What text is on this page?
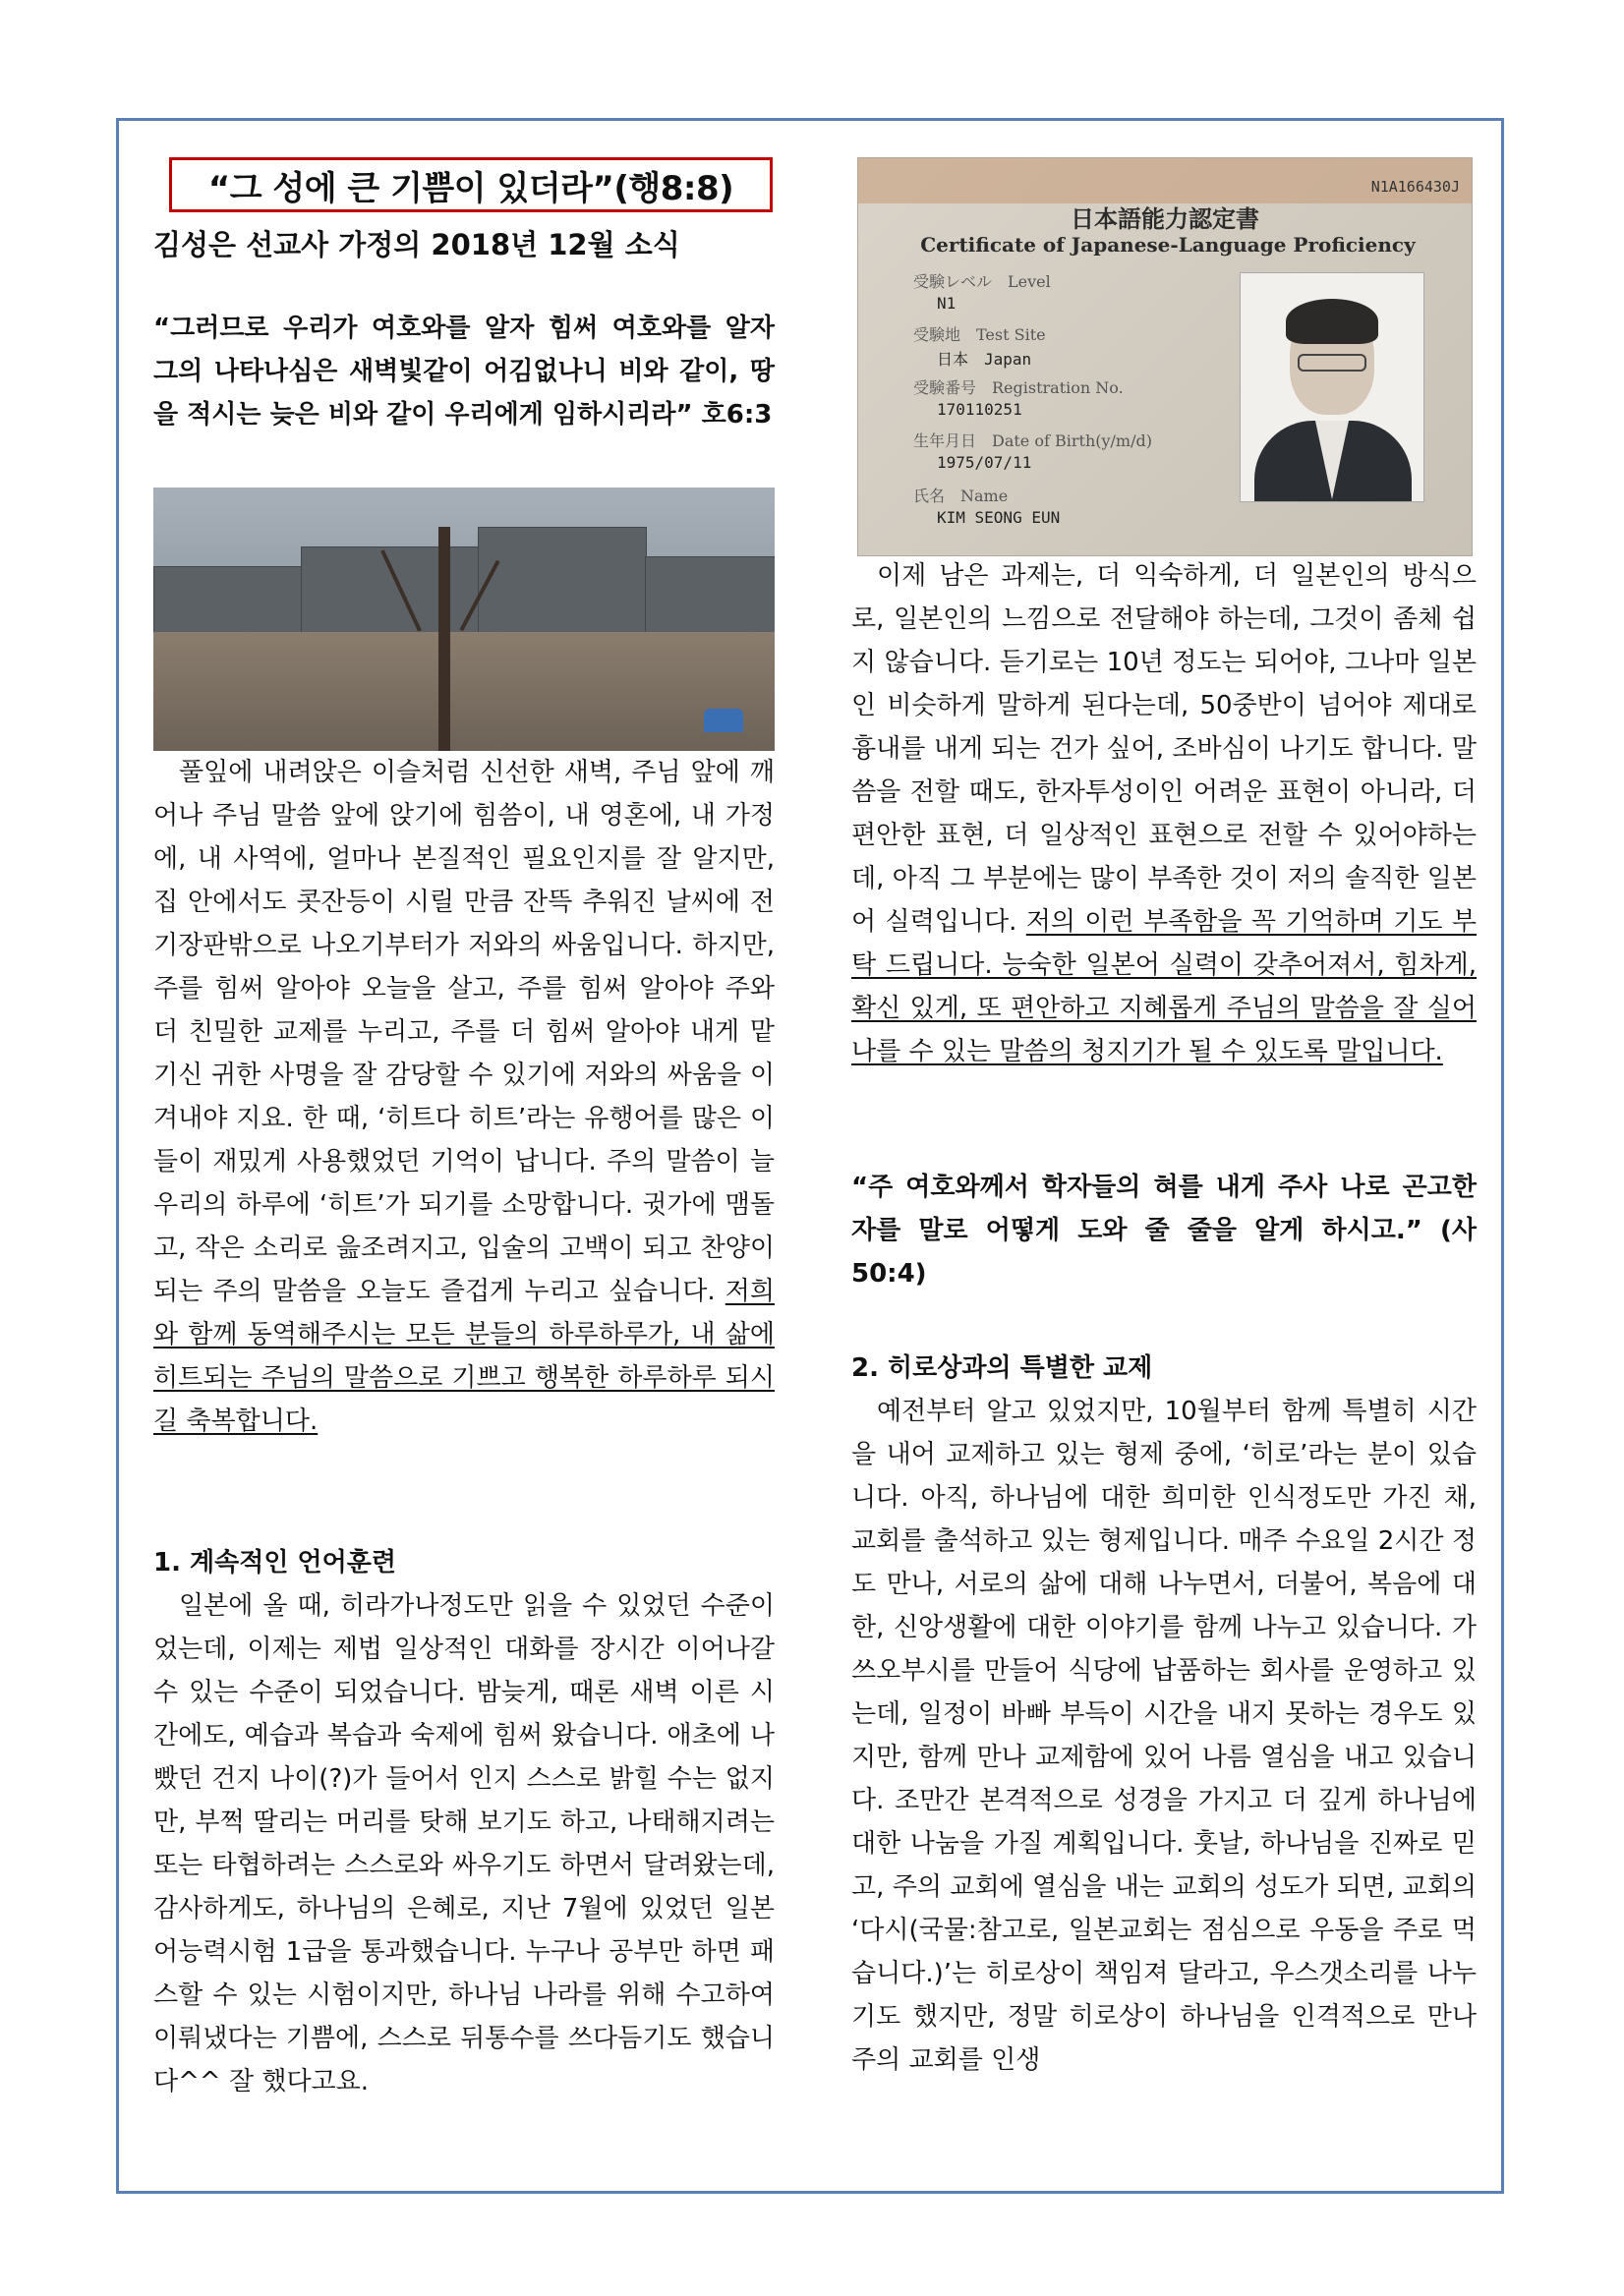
“그 성에 큰 기쁨이 있더라”(행8:8)
김성은 선교사 가정의 2018년 12월 소식

“그러므로 우리가 여호와를 알자 힘써 여호와를 알자 그의 나타나심은 새벽빛같이 어김없나니 비와 같이, 땅을 적시는 늦은 비와 같이 우리에게 임하시리라” 호6:3

풀잎에 내려앉은 이슬처럼 신선한 새벽, 주님 앞에 깨어나 주님 말씀 앞에 앉기에 힘씀이, 내 영혼에, 내 가정에, 내 사역에, 얼마나 본질적인 필요인지를 잘 알지만, 집 안에서도 콧잔등이 시릴 만큼 잔뜩 추워진 날씨에 전기장판밖으로 나오기부터가 저와의 싸움입니다. 하지만, 주를 힘써 알아야 오늘을 살고, 주를 힘써 알아야 주와 더 친밀한 교제를 누리고, 주를 더 힘써 알아야 내게 맡기신 귀한 사명을 잘 감당할 수 있기에 저와의 싸움을 이겨내야 지요. 한 때, ‘히트다 히트’라는 유행어를 많은 이들이 재밌게 사용했었던 기억이 납니다. 주의 말씀이 늘 우리의 하루에 ‘히트’가 되기를 소망합니다. 귓가에 맴돌고, 작은 소리로 읊조려지고, 입술의 고백이 되고 찬양이 되는 주의 말씀을 오늘도 즐겁게 누리고 싶습니다. 저희와 함께 동역해주시는 모든 분들의 하루하루가, 내 삶에 히트되는 주님의 말씀으로 기쁘고 행복한 하루하루 되시길 축복합니다.

1. 계속적인 언어훈련

일본에 올 때, 히라가나정도만 읽을 수 있었던 수준이었는데, 이제는 제법 일상적인 대화를 장시간 이어나갈 수 있는 수준이 되었습니다. 밤늦게, 때론 새벽 이른 시간에도, 예습과 복습과 숙제에 힘써 왔습니다. 애초에 나빴던 건지 나이(?)가 들어서 인지 스스로 밝힐 수는 없지만, 부쩍 딸리는 머리를 탓해 보기도 하고, 나태해지려는 또는 타협하려는 스스로와 싸우기도 하면서 달려왔는데, 감사하게도, 하나님의 은혜로, 지난 7월에 있었던 일본어능력시험 1급을 통과했습니다. 누구나 공부만 하면 패스할 수 있는 시험이지만, 하나님 나라를 위해 수고하여 이뤄냈다는 기쁨에, 스스로 뒤통수를 쓰다듬기도 했습니다^^ 잘 했다고요.

N1A166430J
日本語能力認定書
Certificate of Japanese-Language Proficiency
受験レベル　Level
N1
受験地　Test Site
日本　Japan
受験番号　Registration No.
170110251
生年月日　Date of Birth(y/m/d)
1975/07/11
氏名　Name
KIM SEONG EUN

이제 남은 과제는, 더 익숙하게, 더 일본인의 방식으로, 일본인의 느낌으로 전달해야 하는데, 그것이 좀체 쉽지 않습니다. 듣기로는 10년 정도는 되어야, 그나마 일본인 비슷하게 말하게 된다는데, 50중반이 넘어야 제대로 흉내를 내게 되는 건가 싶어, 조바심이 나기도 합니다. 말씀을 전할 때도, 한자투성이인 어려운 표현이 아니라, 더 편안한 표현, 더 일상적인 표현으로 전할 수 있어야하는데, 아직 그 부분에는 많이 부족한 것이 저의 솔직한 일본어 실력입니다. 저의 이런 부족함을 꼭 기억하며 기도 부탁 드립니다. 능숙한 일본어 실력이 갖추어져서, 힘차게, 확신 있게, 또 편안하고 지혜롭게 주님의 말씀을 잘 실어 나를 수 있는 말씀의 청지기가 될 수 있도록 말입니다.

“주 여호와께서 학자들의 혀를 내게 주사 나로 곤고한 자를 말로 어떻게 도와 줄 줄을 알게 하시고.” (사50:4)

2. 히로상과의 특별한 교제

예전부터 알고 있었지만, 10월부터 함께 특별히 시간을 내어 교제하고 있는 형제 중에, ‘히로’라는 분이 있습니다. 아직, 하나님에 대한 희미한 인식정도만 가진 채, 교회를 출석하고 있는 형제입니다. 매주 수요일 2시간 정도 만나, 서로의 삶에 대해 나누면서, 더불어, 복음에 대한, 신앙생활에 대한 이야기를 함께 나누고 있습니다. 가쓰오부시를 만들어 식당에 납품하는 회사를 운영하고 있는데, 일정이 바빠 부득이 시간을 내지 못하는 경우도 있지만, 함께 만나 교제함에 있어 나름 열심을 내고 있습니다. 조만간 본격적으로 성경을 가지고 더 깊게 하나님에 대한 나눔을 가질 계획입니다. 훗날, 하나님을 진짜로 믿고, 주의 교회에 열심을 내는 교회의 성도가 되면, 교회의 ‘다시(국물:참고로, 일본교회는 점심으로 우동을 주로 먹습니다.)’는 히로상이 책임져 달라고, 우스갯소리를 나누기도 했지만, 정말 히로상이 하나님을 인격적으로 만나 주의 교회를 인생
